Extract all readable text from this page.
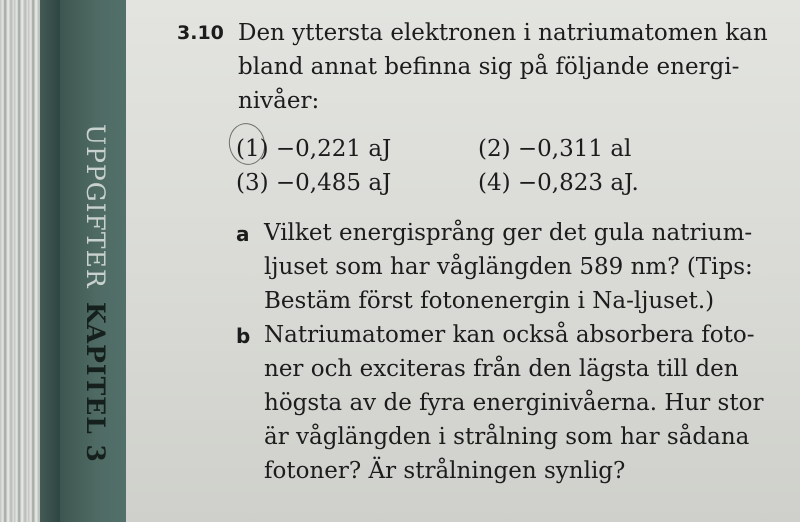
UPPGIFTER
KAPITEL 3
3.10 Den yttersta elektronen i natriumatomen kan
bland annat befinna sig på följande energi-
nivåer:
(1) −0,221 aJ	(2) −0,311 al
(3) −0,485 aJ	(4) −0,823 aJ.
a Vilket energisprång ger det gula natrium-
ljuset som har våglängden 589 nm? (Tips:
Bestäm först fotonenergin i Na-ljuset.)
b Natriumatomer kan också absorbera foto-
ner och exciteras från den lägsta till den
högsta av de fyra energinivåerna. Hur stor
är våglängden i strålning som har sådana
fotoner? Är strålningen synlig?
